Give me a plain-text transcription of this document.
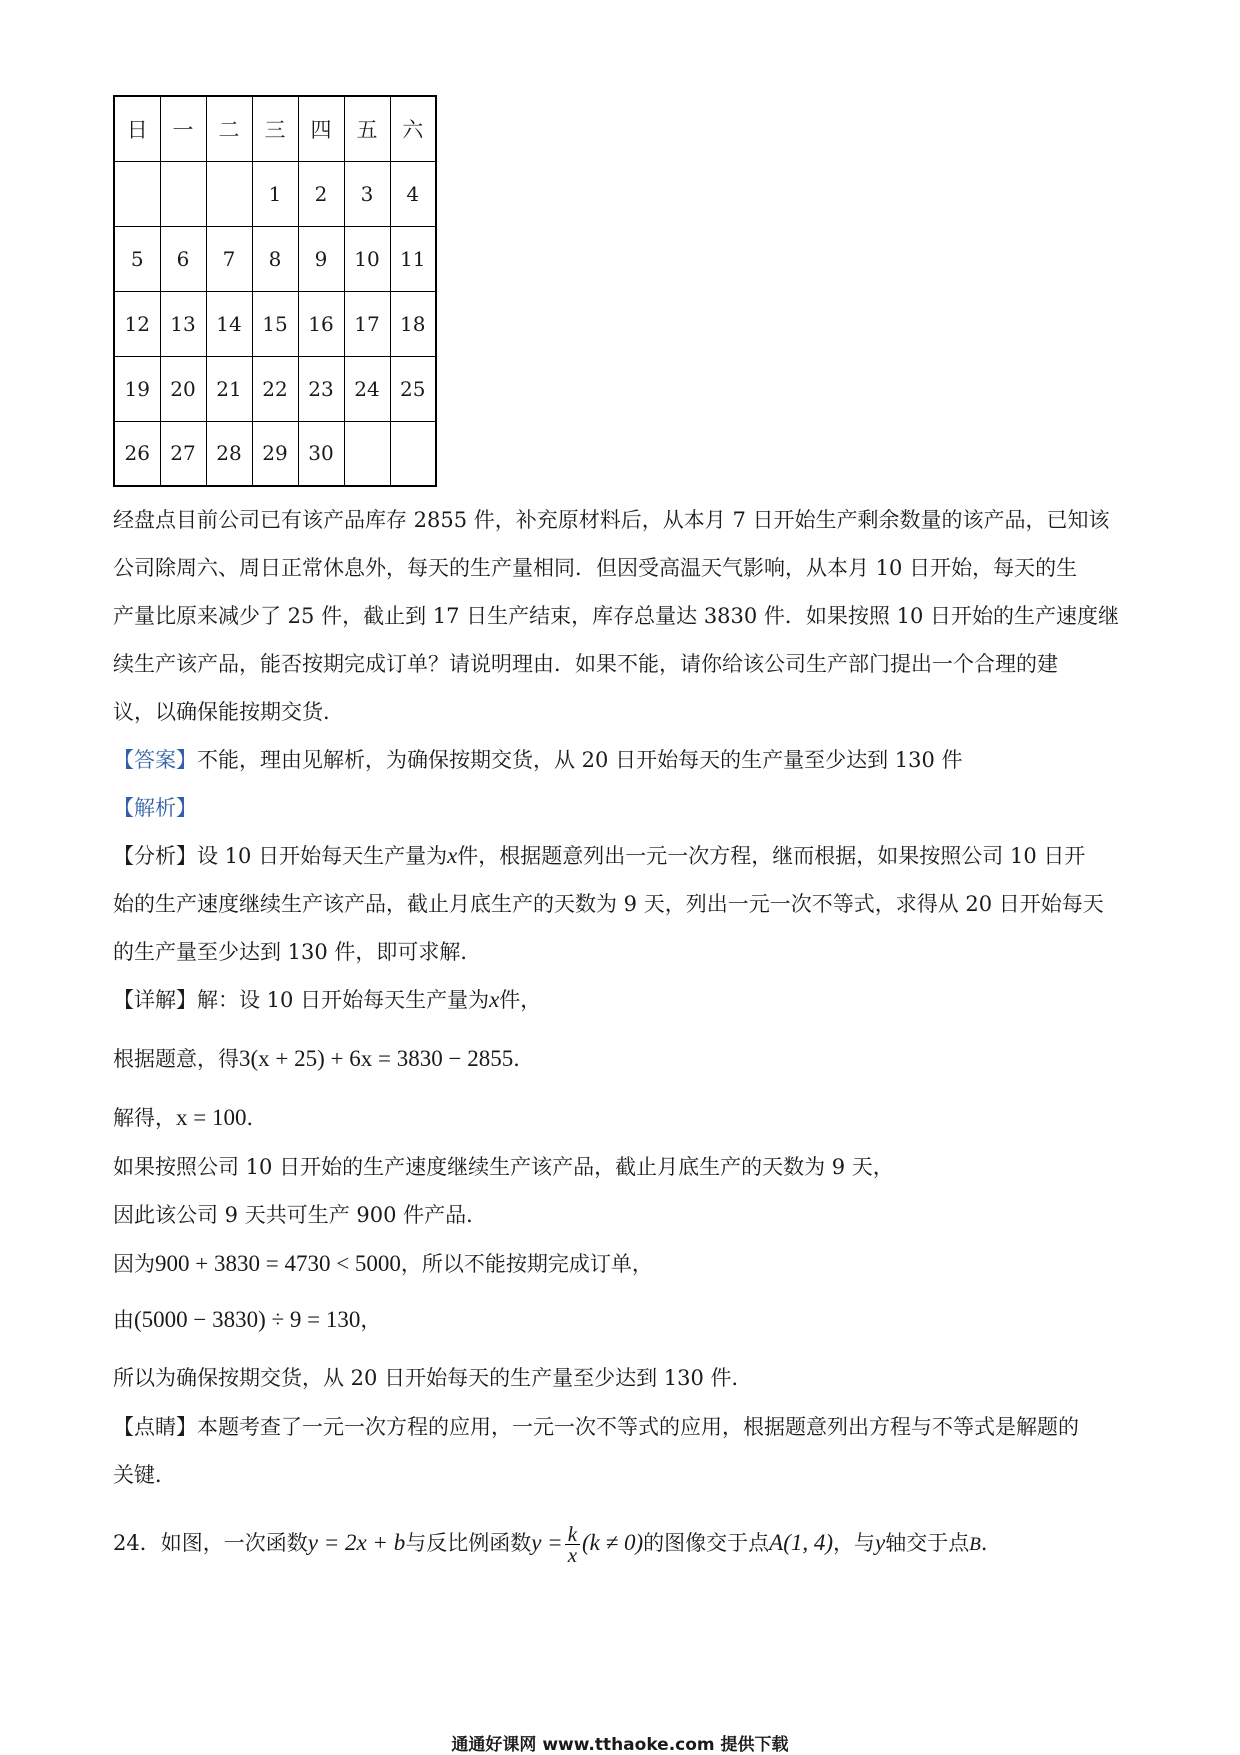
日	一	二	三	四	五	六
			1	2	3	4
5	6	7	8	9	10	11
12	13	14	15	16	17	18
19	20	21	22	23	24	25
26	27	28	29	30		
经盘点目前公司已有该产品库存 2855 件，补充原材料后，从本月 7 日开始生产剩余数量的该产品，已知该
公司除周六、周日正常休息外，每天的生产量相同．但因受高温天气影响，从本月 10 日开始，每天的生
产量比原来减少了 25 件，截止到 17 日生产结束，库存总量达 3830 件．如果按照 10 日开始的生产速度继
续生产该产品，能否按期完成订单？请说明理由．如果不能，请你给该公司生产部门提出一个合理的建
议，以确保能按期交货．
【答案】不能，理由见解析，为确保按期交货，从 20 日开始每天的生产量至少达到 130 件
【解析】
【分析】设 10 日开始每天生产量为x件，根据题意列出一元一次方程，继而根据，如果按照公司 10 日开
始的生产速度继续生产该产品，截止月底生产的天数为 9 天，列出一元一次不等式，求得从 20 日开始每天
的生产量至少达到 130 件，即可求解．
【详解】解：设 10 日开始每天生产量为x件，
根据题意，得3(x + 25) + 6x = 3830 − 2855．
解得，x = 100．
如果按照公司 10 日开始的生产速度继续生产该产品，截止月底生产的天数为 9 天，
因此该公司 9 天共可生产 900 件产品．
因为900 + 3830 = 4730 < 5000，所以不能按期完成订单，
由(5000 − 3830) ÷ 9 = 130，
所以为确保按期交货，从 20 日开始每天的生产量至少达到 130 件．
【点睛】本题考查了一元一次方程的应用，一元一次不等式的应用，根据题意列出方程与不等式是解题的
关键．
24．如图，一次函数y = 2x + b与反比例函数$y = \frac{k}{x} (k \ne 0)$的图像交于点A(1, 4)，与y轴交于点B．
通通好课网 www.tthaoke.com 提供下载
